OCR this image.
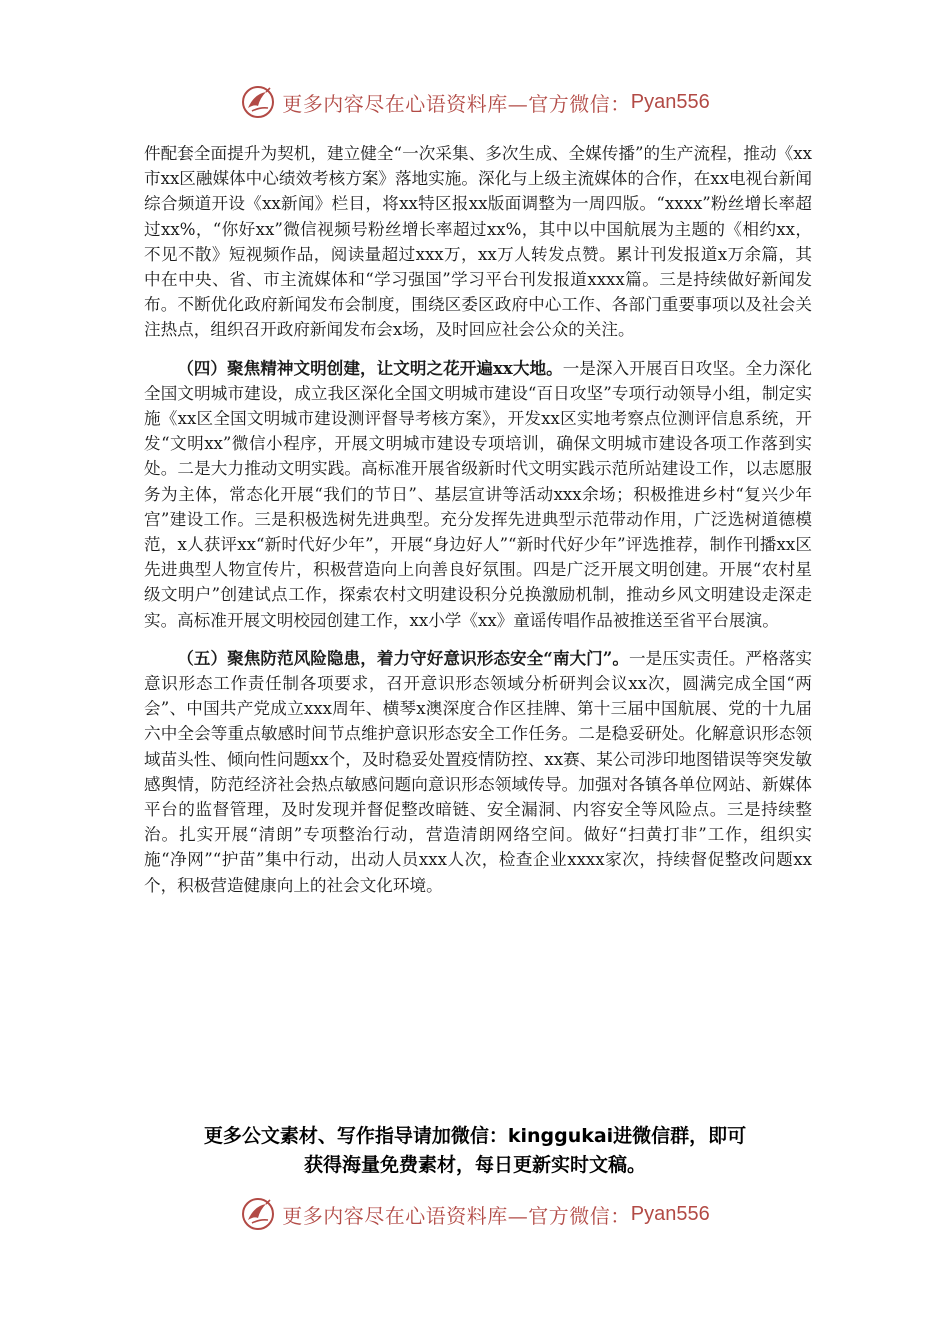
更多内容尽在心语资料库—官方微信： Pyan556

件配套全面提升为契机，建立健全“一次采集、多次生成、全媒传播”的生产流程，推动《xx市xx区融媒体中心绩效考核方案》落地实施。深化与上级主流媒体的合作，在xx电视台新闻综合频道开设《xx新闻》栏目，将xx特区报xx版面调整为一周四版。“xxxx”粉丝增长率超过xx%，“你好xx”微信视频号粉丝增长率超过xx%，其中以中国航展为主题的《相约xx，不见不散》短视频作品，阅读量超过xxx万，xx万人转发点赞。累计刊发报道x万余篇，其中在中央、省、市主流媒体和“学习强国”学习平台刊发报道xxxx篇。三是持续做好新闻发布。不断优化政府新闻发布会制度，围绕区委区政府中心工作、各部门重要事项以及社会关注热点，组织召开政府新闻发布会x场，及时回应社会公众的关注。

（四）聚焦精神文明创建，让文明之花开遍xx大地。一是深入开展百日攻坚。全力深化全国文明城市建设，成立我区深化全国文明城市建设“百日攻坚”专项行动领导小组，制定实施《xx区全国文明城市建设测评督导考核方案》，开发xx区实地考察点位测评信息系统，开发“文明xx”微信小程序，开展文明城市建设专项培训，确保文明城市建设各项工作落到实处。二是大力推动文明实践。高标准开展省级新时代文明实践示范所站建设工作，以志愿服务为主体，常态化开展“我们的节日”、基层宣讲等活动xxx余场；积极推进乡村“复兴少年宫”建设工作。三是积极选树先进典型。充分发挥先进典型示范带动作用，广泛选树道德模范，x人获评xx“新时代好少年”，开展“身边好人”“新时代好少年”评选推荐，制作刊播xx区先进典型人物宣传片，积极营造向上向善良好氛围。四是广泛开展文明创建。开展“农村星级文明户”创建试点工作，探索农村文明建设积分兑换激励机制，推动乡风文明建设走深走实。高标准开展文明校园创建工作，xx小学《xx》童谣传唱作品被推送至省平台展演。

（五）聚焦防范风险隐患，着力守好意识形态安全“南大门”。一是压实责任。严格落实意识形态工作责任制各项要求，召开意识形态领域分析研判会议xx次，圆满完成全国“两会”、中国共产党成立xxx周年、横琴x澳深度合作区挂牌、第十三届中国航展、党的十九届六中全会等重点敏感时间节点维护意识形态安全工作任务。二是稳妥研处。化解意识形态领域苗头性、倾向性问题xx个，及时稳妥处置疫情防控、xx赛、某公司涉印地图错误等突发敏感舆情，防范经济社会热点敏感问题向意识形态领域传导。加强对各镇各单位网站、新媒体平台的监督管理，及时发现并督促整改暗链、安全漏洞、内容安全等风险点。三是持续整治。扎实开展“清朗”专项整治行动，营造清朗网络空间。做好“扫黄打非”工作，组织实施“净网”“护苗”集中行动，出动人员xxx人次，检查企业xxxx家次，持续督促整改问题xx个，积极营造健康向上的社会文化环境。

更多公文素材、写作指导请加微信：kinggukai进微信群，即可
获得海量免费素材，每日更新实时文稿。
更多内容尽在心语资料库—官方微信： Pyan556
